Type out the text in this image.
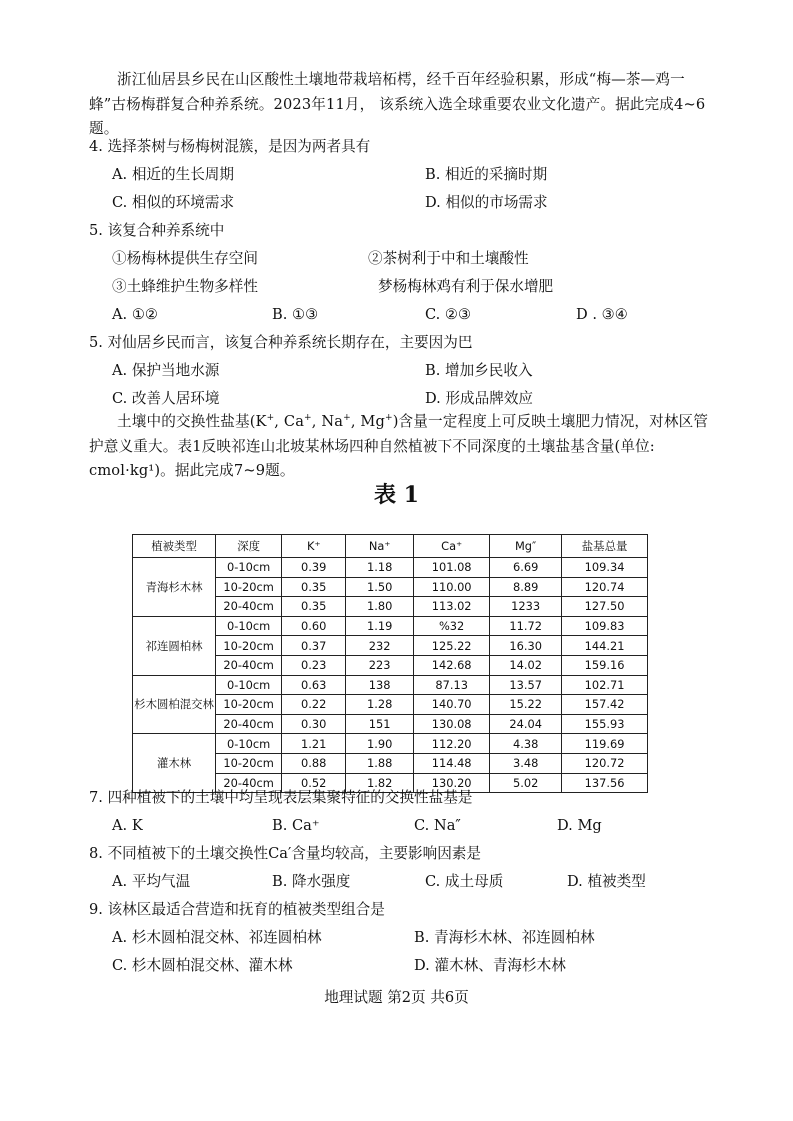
浙江仙居县乡民在山区酸性土壤地带栽培柘樗，经千百年经验积累，形成“梅—茶—鸡一蜂”古杨梅群复合种养系统。2023年11月， 该系统入选全球重要农业文化遗产。据此完成4~6题。

4. 选择茶树与杨梅树混簇，是因为两者具有

A. 相近的生长周期	B. 相近的采摘时期
C. 相似的环境需求	D. 相似的市场需求

5. 该复合种养系统中

①杨梅林提供生存空间	②茶树利于中和土壤酸性
③土蜂维护生物多样性	梦杨梅林鸡有利于保水增肥
A. ①②	B. ①③	C. ②③	D . ③④

5. 对仙居乡民而言，该复合种养系统长期存在，主要因为巴

A. 保护当地水源	B. 增加乡民收入
C. 改善人居环境	D. 形成品牌效应

土壤中的交换性盐基(K+, Ca+, Na+, Mg+)含量一定程度上可反映土壤肥力情况，对林区管护意义重大。表1反映祁连山北坡某林场四种自然植被下不同深度的土壤盐基含量(单位: cmol·kg¹)。据此完成7~9题。

表 1
植被类型	深度	K⁺	Na⁺	Ca⁺	Mg″	盐基总量
青海杉木林	0-10cm	0.39	1.18	101.08	6.69	109.34
	10-20cm	0.35	1.50	110.00	8.89	120.74
	20-40cm	0.35	1.80	113.02	1233	127.50
祁连圆柏林	0-10cm	0.60	1.19	%32	11.72	109.83
	10-20cm	0.37	232	125.22	16.30	144.21
	20-40cm	0.23	223	142.68	14.02	159.16
杉木圆柏混交林	0-10cm	0.63	138	87.13	13.57	102.71
	10-20cm	0.22	1.28	140.70	15.22	157.42
	20-40cm	0.30	151	130.08	24.04	155.93
灌木林	0-10cm	1.21	1.90	112.20	4.38	119.69
	10-20cm	0.88	1.88	114.48	3.48	120.72
	20-40cm	0.52	1.82	130.20	5.02	137.56

7. 四种植被下的土壤中均呈现表层集聚特征的交换性盐基是

A. K	B. Ca⁺	C. Na″	D. Mg

8. 不同植被下的土壤交换性Ca′含量均较高，主要影响因素是

A. 平均气温	B. 降水强度	C. 成土母质	D. 植被类型

9. 该林区最适合营造和抚育的植被类型组合是

A. 杉木圆柏混交林、祁连圆柏林	B. 青海杉木林、祁连圆柏林
C. 杉木圆柏混交林、灌木林	D. 灌木林、青海杉木林
地理试题 第2页 共6页
